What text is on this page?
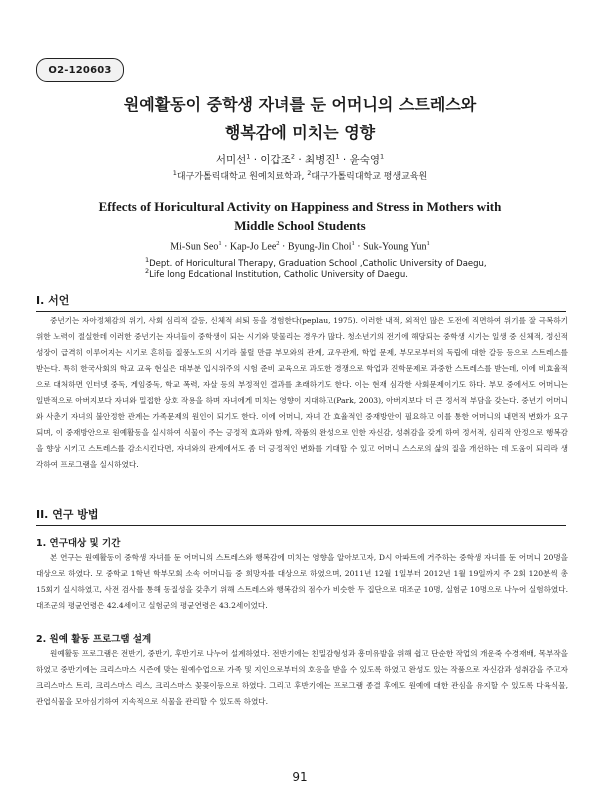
O2-120603
원예활동이 중학생 자녀를 둔 어머니의 스트레스와
행복감에 미치는 영향
서미선$^1$ · 이갑조$^2$ · 최병진$^1$ · 윤숙영$^1$
$^1$대구가톨릭대학교 원예치료학과, $^2$대구가톨릭대학교 평생교육원
Effects of Horicultural Activity on Happiness and Stress in Mothers with
Middle School Students
Mi-Sun Seo$^1$ · Kap-Jo Lee$^2$ · Byung-Jin Choi$^1$ · Suk-Young Yun$^1$
$^1$Dept. of Horicultural Therapy, Graduation School ,Catholic University of Daegu,
$^2$Life long Edcational Institution, Catholic University of Daegu.
I. 서언
중년기는 자아정체감의 위기, 사회 심리적 갈등, 신체적 쇠퇴 등을 경험한다(peplau, 1975). 이러한 내적, 외적인 많은 도전에 직면하여 위기를 잘 극복하기 위한 노력이 절실한데 이러한 중년기는 자녀들이 중학생이 되는 시기와 맞물리는 경우가 많다. 청소년기의 전기에 해당되는 중학생 시기는 일생 중 신체적, 정신적 성장이 급격히 이루어지는 시기로 흔히들 질풍노도의 시기라 불릴 만큼 부모와의 관계, 교우관계, 학업 문제, 부모로부터의 독립에 대한 갈등 등으로 스트레스를 받는다. 특히 한국사회의 학교 교육 현실은 대부분 입시위주의 시험 준비 교육으로 과도한 경쟁으로 학업과 진학문제로 과중한 스트레스를 받는데, 이에 비효율적으로 대처하면 인터넷 중독, 게임중독, 학교 폭력, 자살 등의 부정적인 결과를 초래하기도 한다. 이는 현재 심각한 사회문제이기도 하다. 부모 중에서도 어머니는 일반적으로 아버지보다 자녀와 밀접한 상호 작용을 하며 자녀에게 미치는 영향이 지대하고(Park, 2003), 아버지보다 더 큰 정서적 부담을 갖는다. 중년기 어머니와 사춘기 자녀의 불안정한 관계는 가족문제의 원인이 되기도 한다. 이에 어머니, 자녀 간 효율적인 중재방안이 필요하고 이를 통한 어머니의 내면적 변화가 요구되며, 이 중재방안으로 원예활동을 실시하여 식물이 주는 긍정적 효과와 함께, 작품의 완성으로 인한 자신감, 성취감을 갖게 하여 정서적, 심리적 안정으로 행복감을 향상 시키고 스트레스를 감소시킨다면, 자녀와의 관계에서도 좀 더 긍정적인 변화를 기대할 수 있고 어머니 스스로의 삶의 질을 개선하는 데 도움이 되리라 생각하여 프로그램을 실시하였다.
II. 연구 방법
1. 연구대상 및 기간
본 연구는 원예활동이 중학생 자녀를 둔 어머니의 스트레스와 행복감에 미치는 영향을 알아보고자, D시 아파트에 거주하는 중학생 자녀를 둔 어머니 20명을 대상으로 하였다. 모 중학교 1학년 학부모회 소속 어머니들 중 희망자를 대상으로 하였으며, 2011년 12월 1일부터 2012년 1월 19일까지 주 2회 120분씩 총 15회기 실시하였고, 사전 검사를 통해 동질성을 갖추기 위해 스트레스와 행복감의 점수가 비슷한 두 집단으로 대조군 10명, 실험군 10명으로 나누어 실험하였다. 대조군의 평균연령은 42.4세이고 실험군의 평균연령은 43.2세이었다.
2. 원예 활동 프로그램 설계
원예활동 프로그램은 전반기, 중반기, 후반기로 나누어 설계하였다. 전반기에는 친밀감형성과 흥미유발을 위해 쉽고 단순한 작업의 개운죽 수경재배, 목부작을 하였고 중반기에는 크리스마스 시즌에 맞는 원예수업으로 가족 및 지인으로부터의 호응을 받을 수 있도록 하였고 완성도 있는 작품으로 자신감과 성취감을 주고자 크리스마스 트리, 크리스마스 리스, 크리스마스 꽃꽂이등으로 하였다. 그리고 후반기에는 프로그램 종결 후에도 원예에 대한 관심을 유지할 수 있도록 다육식물, 관엽식물을 모아심기하여 지속적으로 식물을 관리할 수 있도록 하였다.
91
